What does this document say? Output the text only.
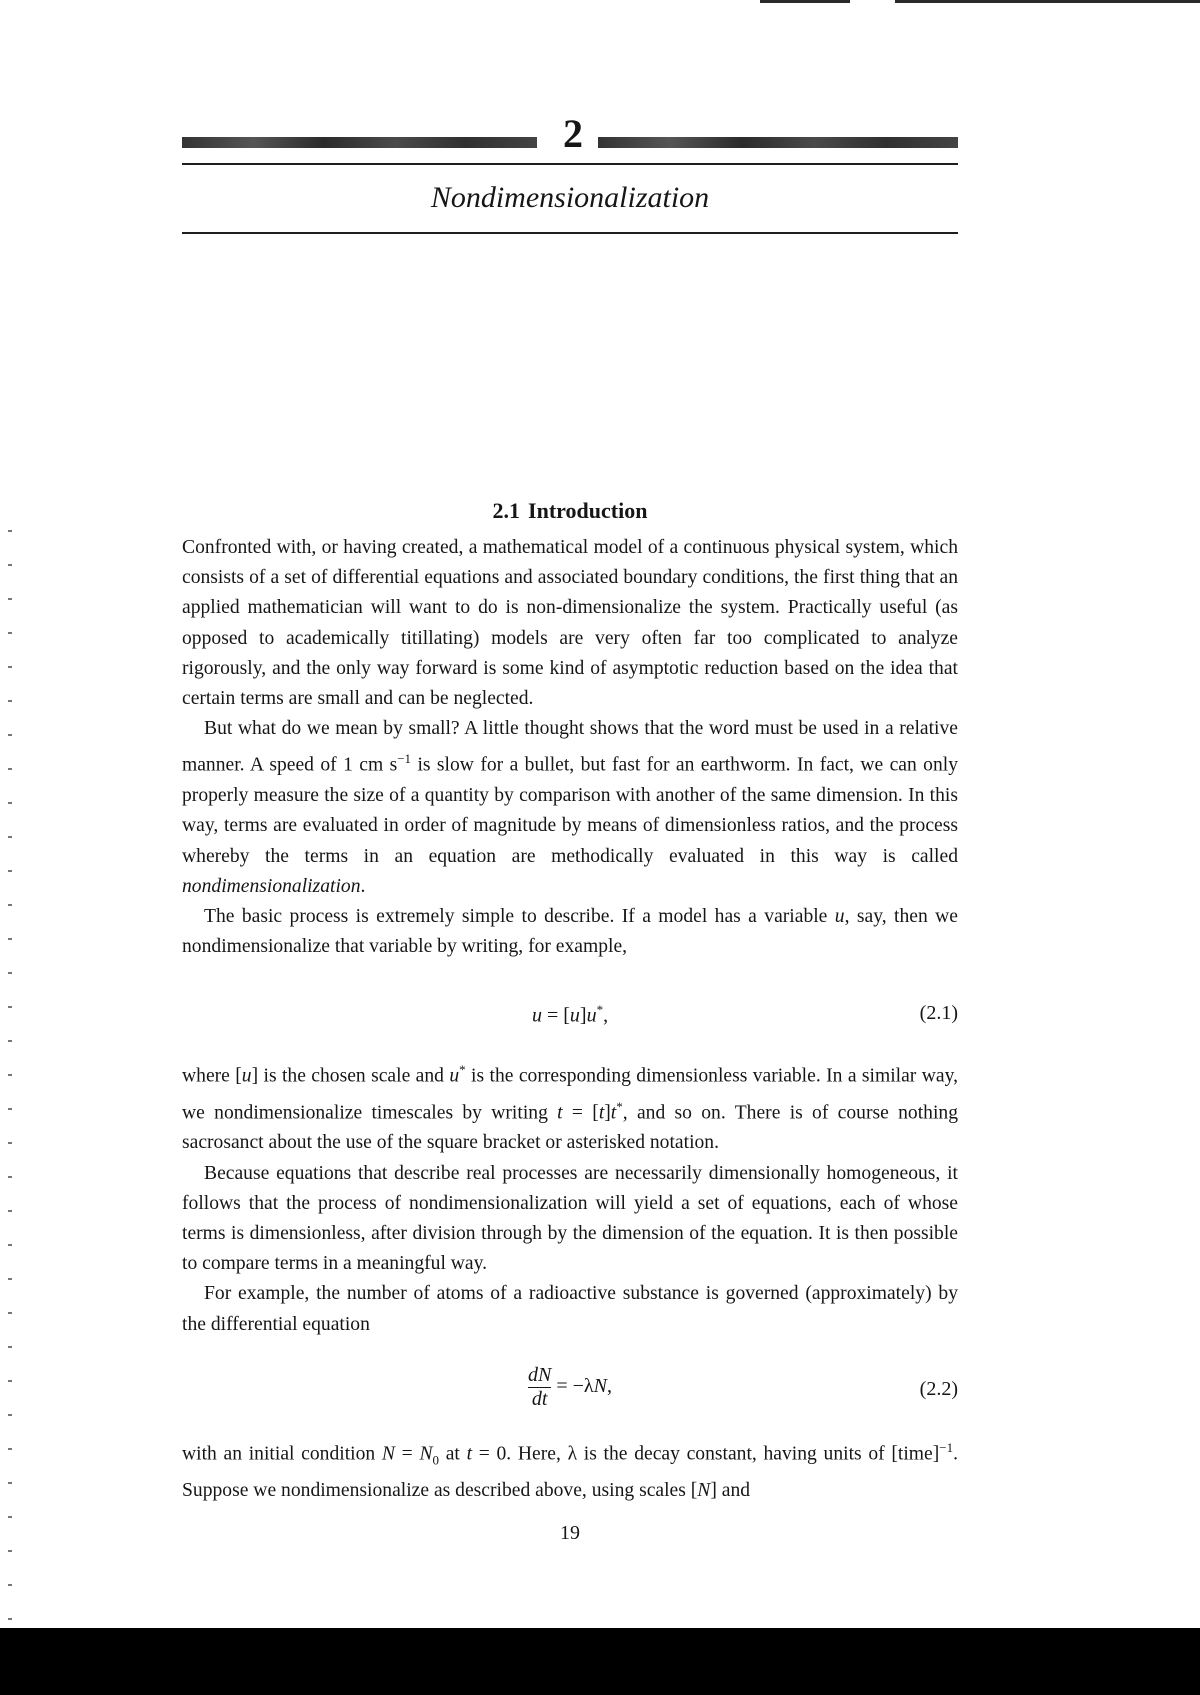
2
Nondimensionalization
2.1 Introduction

Confronted with, or having created, a mathematical model of a continuous physical system, which consists of a set of differential equations and associated boundary conditions, the first thing that an applied mathematician will want to do is non-dimensionalize the system. Practically useful (as opposed to academically titillating) models are very often far too complicated to analyze rigorously, and the only way forward is some kind of asymptotic reduction based on the idea that certain terms are small and can be neglected.

But what do we mean by small? A little thought shows that the word must be used in a relative manner. A speed of 1 cm $s^{-1}$ is slow for a bullet, but fast for an earthworm. In fact, we can only properly measure the size of a quantity by comparison with another of the same dimension. In this way, terms are evaluated in order of magnitude by means of dimensionless ratios, and the process whereby the terms in an equation are methodically evaluated in this way is called nondimensionalization.

The basic process is extremely simple to describe. If a model has a variable u, say, then we nondimensionalize that variable by writing, for example,

u = [u]u*,	(2.1)

where [u] is the chosen scale and u* is the corresponding dimensionless variable. In a similar way, we nondimensionalize timescales by writing t = [t]t*, and so on. There is of course nothing sacrosanct about the use of the square bracket or asterisked notation.

Because equations that describe real processes are necessarily dimensionally homogeneous, it follows that the process of nondimensionalization will yield a set of equations, each of whose terms is dimensionless, after division through by the dimension of the equation. It is then possible to compare terms in a meaningful way.

For example, the number of atoms of a radioactive substance is governed (approximately) by the differential equation

$\frac{dN}{dt} = -\lambda N$,	(2.2)

with an initial condition $N = N_0$ at t = 0. Here, λ is the decay constant, having units of [time]$^{-1}$. Suppose we nondimensionalize as described above, using scales [N] and

19
